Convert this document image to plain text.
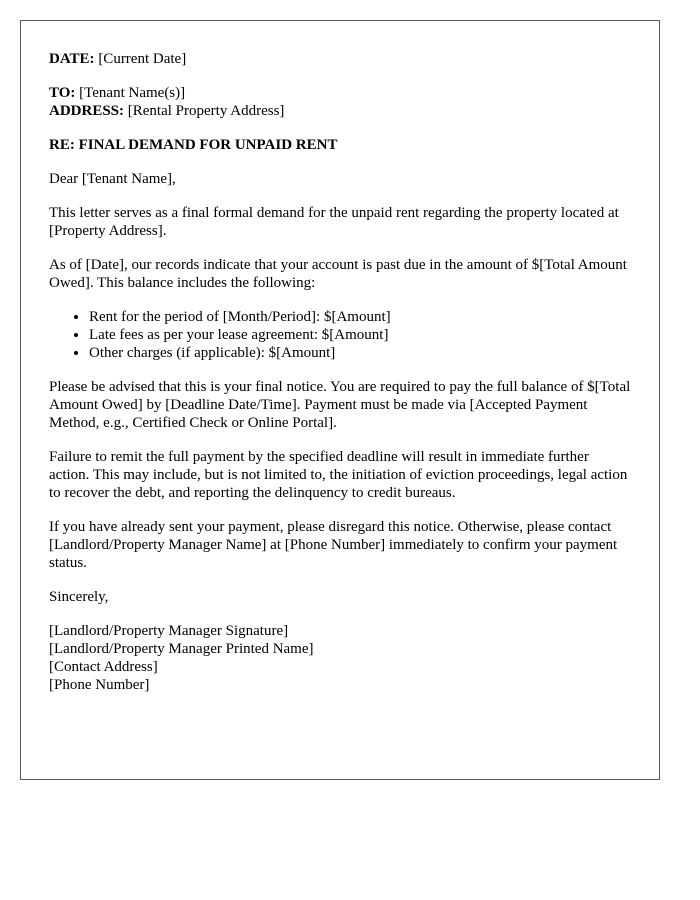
DATE: [Current Date]

TO: [Tenant Name(s)]

ADDRESS: [Rental Property Address]

RE: FINAL DEMAND FOR UNPAID RENT

Dear [Tenant Name],

This letter serves as a final formal demand for the unpaid rent regarding the property located at [Property Address].

As of [Date], our records indicate that your account is past due in the amount of $[Total Amount Owed]. This balance includes the following:

• Rent for the period of [Month/Period]: $[Amount]
• Late fees as per your lease agreement: $[Amount]
• Other charges (if applicable): $[Amount]

Please be advised that this is your final notice. You are required to pay the full balance of $[Total Amount Owed] by [Deadline Date/Time]. Payment must be made via [Accepted Payment Method, e.g., Certified Check or Online Portal].

Failure to remit the full payment by the specified deadline will result in immediate further action. This may include, but is not limited to, the initiation of eviction proceedings, legal action to recover the debt, and reporting the delinquency to credit bureaus.

If you have already sent your payment, please disregard this notice. Otherwise, please contact [Landlord/Property Manager Name] at [Phone Number] immediately to confirm your payment status.

Sincerely,

[Landlord/Property Manager Signature]

[Landlord/Property Manager Printed Name]

[Contact Address]

[Phone Number]
